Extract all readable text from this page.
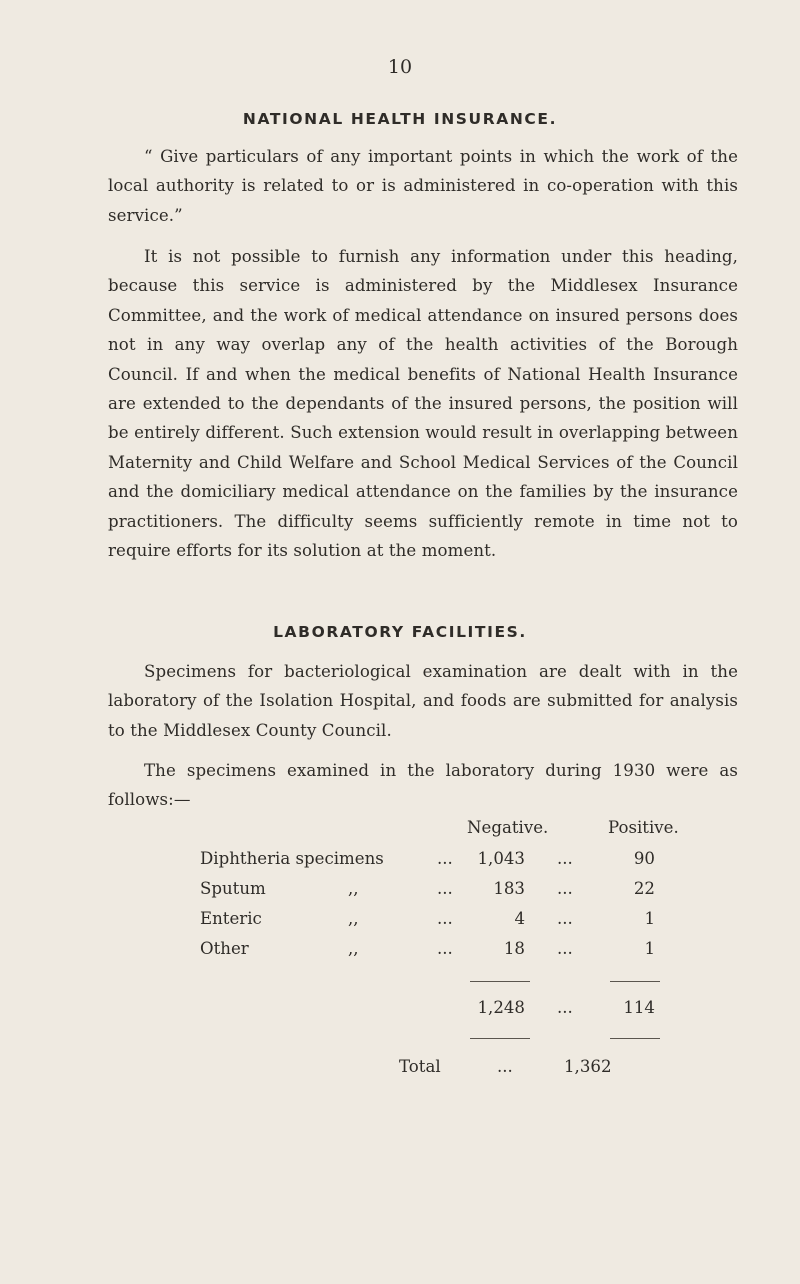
10
NATIONAL HEALTH INSURANCE.

“ Give particulars of any important points in which the work of the local authority is related to or is administered in co-operation with this service.”

It is not possible to furnish any information under this heading, because this service is administered by the Middlesex Insurance Committee, and the work of medical attendance on insured persons does not in any way overlap any of the health activities of the Borough Council. If and when the medical benefits of National Health Insurance are extended to the dependants of the insured persons, the position will be entirely different. Such extension would result in overlapping between Maternity and Child Welfare and School Medical Services of the Council and the domiciliary medical attendance on the families by the insurance practitioners. The difficulty seems sufficiently remote in time not to require efforts for its solution at the moment.

LABORATORY FACILITIES.

Specimens for bacteriological examination are dealt with in the laboratory of the Isolation Hospital, and foods are submitted for analysis to the Middlesex County Council.

The specimens examined in the laboratory during 1930 were as follows:—

Negative.	Positive.
Diphtheria specimens	...	1,043 ...	90
Sputum	,,	...	183 ...	22
Enteric	,,	...	4 ...	1
Other	,,	...	18 ...	1
1,248 ...	114
Total	...	1,362
